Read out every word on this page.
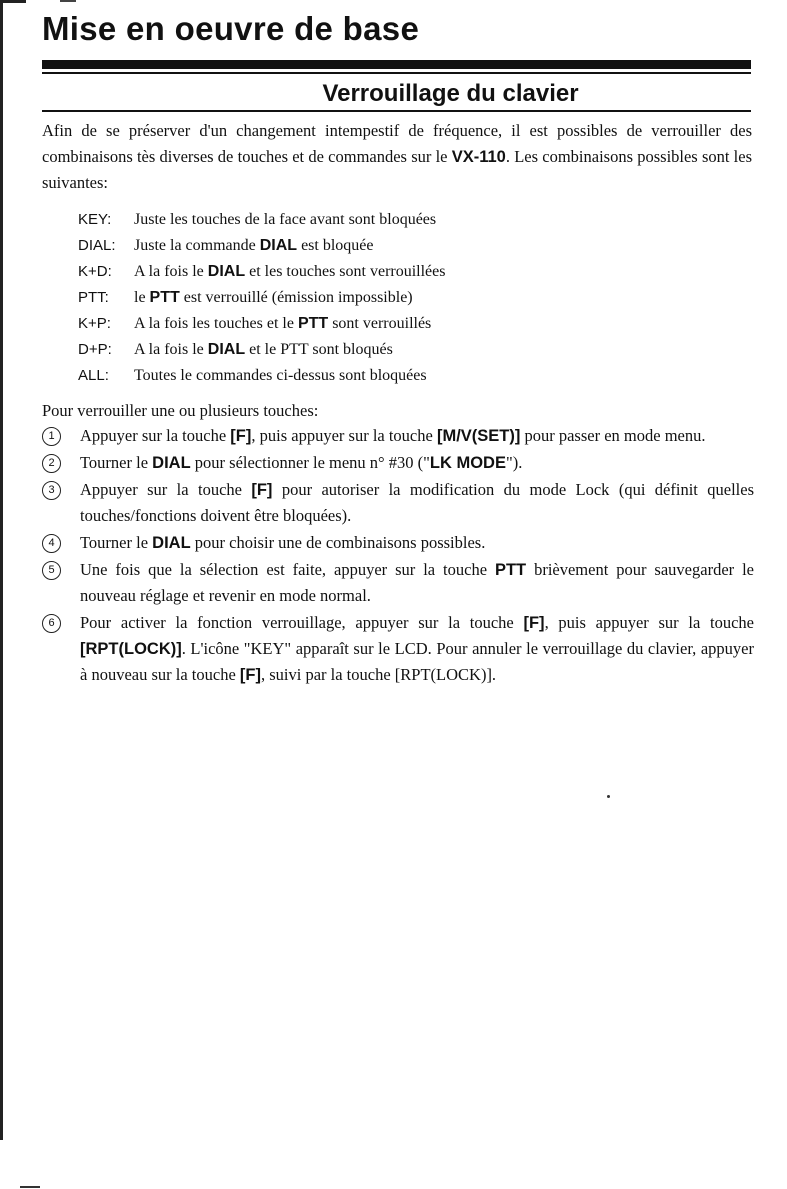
Mise en oeuvre de base
Verrouillage du clavier

Afin de se préserver d'un changement intempestif de fréquence, il est possibles de verrouiller des combinaisons tès diverses de touches et de commandes sur le VX-110. Les combinaisons possibles sont les suivantes:

KEY: Juste les touches de la face avant sont bloquées
DIAL: Juste la commande DIAL est bloquée
K+D: A la fois le DIAL et les touches sont verrouillées
PTT: le PTT est verrouillé (émission impossible)
K+P: A la fois les touches et le PTT sont verrouillés
D+P: A la fois le DIAL et le PTT sont bloqués
ALL: Toutes le commandes ci-dessus sont bloquées

Pour verrouiller une ou plusieurs touches:

1	Appuyer sur la touche [F], puis appuyer sur la touche [M/V(SET)] pour passer en mode menu.
2	Tourner le DIAL pour sélectionner le menu n° #30 ("LK MODE").
3	Appuyer sur la touche [F] pour autoriser la modification du mode Lock (qui définit quelles touches/fonctions doivent être bloquées).
4	Tourner le DIAL pour choisir une de combinaisons possibles.
5	Une fois que la sélection est faite, appuyer sur la touche PTT brièvement pour sauvegarder le nouveau réglage et revenir en mode normal.
6	Pour activer la fonction verrouillage, appuyer sur la touche [F], puis appuyer sur la touche [RPT(LOCK)]. L'icône "KEY" apparaît sur le LCD. Pour annuler le verrouillage du clavier, appuyer à nouveau sur la touche [F], suivi par la touche [RPT(LOCK)].
